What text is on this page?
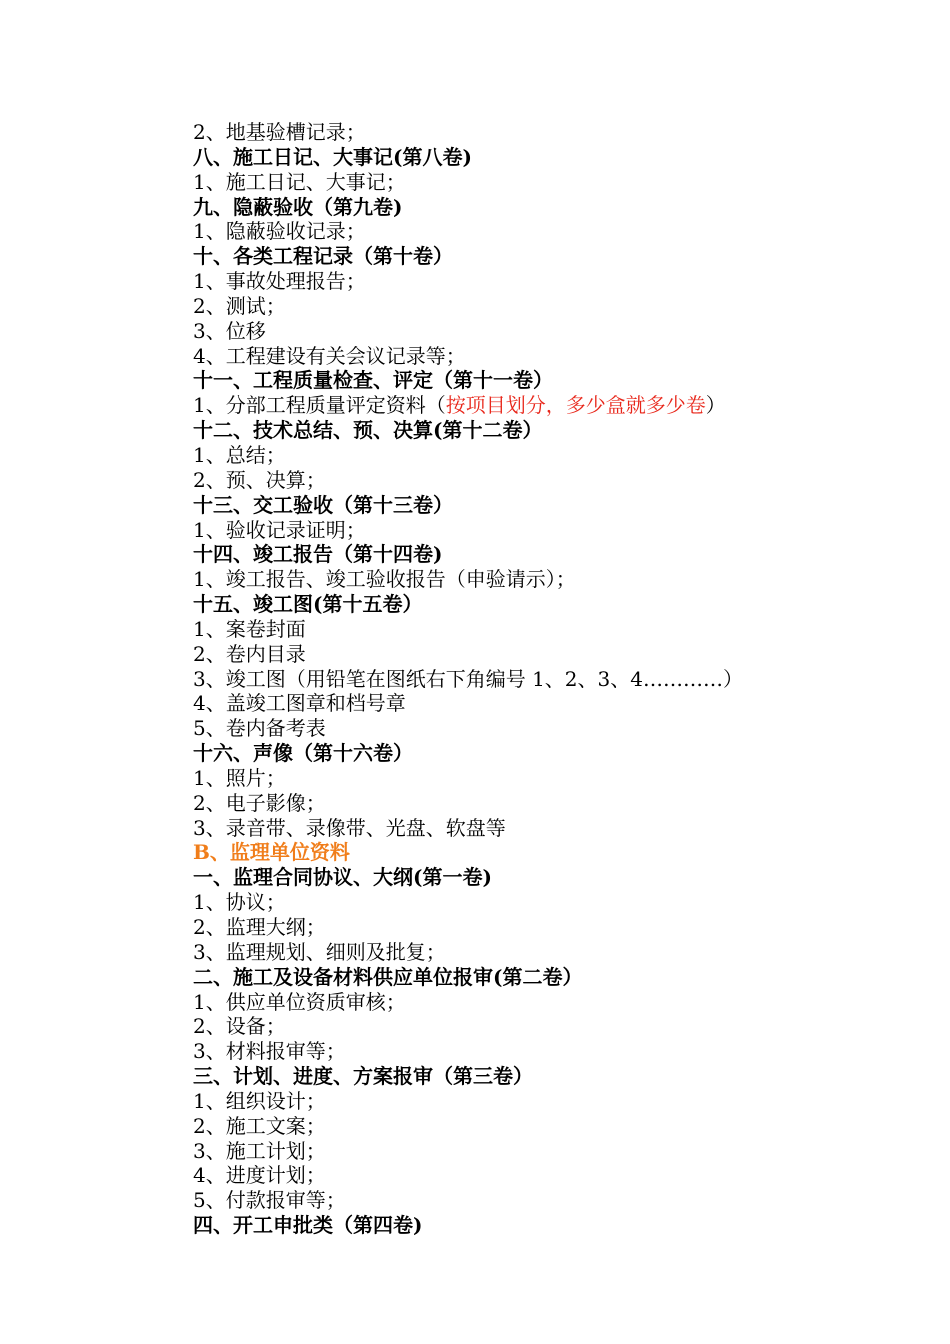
2、地基验槽记录；
八、施工日记、大事记(第八卷)
1、施工日记、大事记；
九、隐蔽验收（第九卷)
1、隐蔽验收记录；
十、各类工程记录（第十卷）
1、事故处理报告；
2、测试；
3、位移
4、工程建设有关会议记录等；
十一、工程质量检查、评定（第十一卷）
1、分部工程质量评定资料（按项目划分，多少盒就多少卷）
十二、技术总结、预、决算(第十二卷）
1、总结；
2、预、决算；
十三、交工验收（第十三卷）
1、验收记录证明；
十四、竣工报告（第十四卷)
1、竣工报告、竣工验收报告（申验请示）；
十五、竣工图(第十五卷）
1、案卷封面
2、卷内目录
3、竣工图（用铅笔在图纸右下角编号 1、2、3、4…………）
4、盖竣工图章和档号章
5、卷内备考表
十六、声像（第十六卷）
1、照片；
2、电子影像；
3、录音带、录像带、光盘、软盘等
B、监理单位资料
一、监理合同协议、大纲(第一卷)
1、协议；
2、监理大纲；
3、监理规划、细则及批复；
二、施工及设备材料供应单位报审(第二卷）
1、供应单位资质审核；
2、设备；
3、材料报审等；
三、计划、进度、方案报审（第三卷）
1、组织设计；
2、施工文案；
3、施工计划；
4、进度计划；
5、付款报审等；
四、开工申批类（第四卷)
